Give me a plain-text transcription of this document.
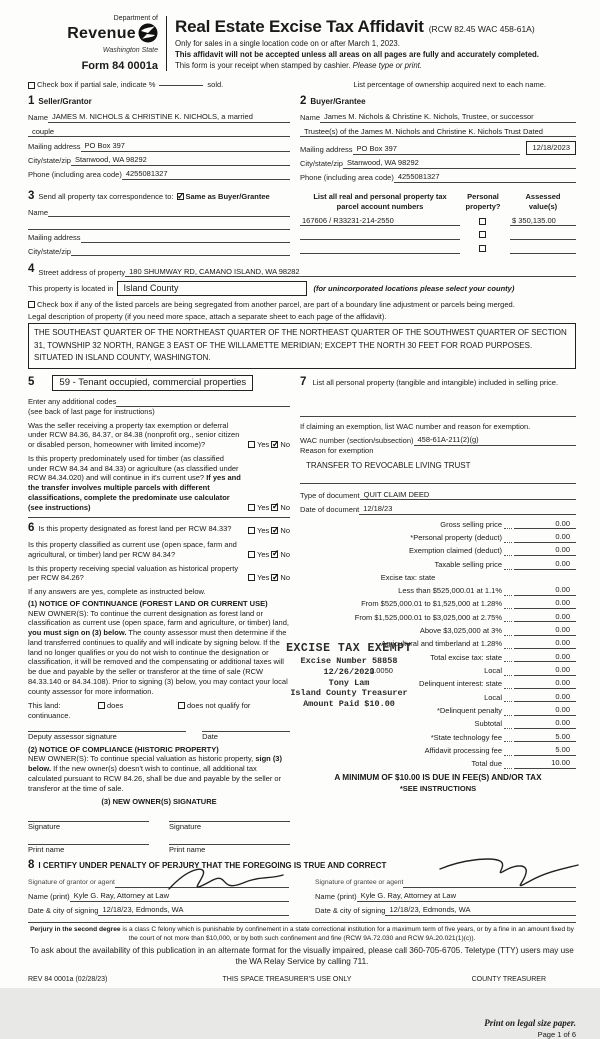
Department of
Revenue
Washington State
Form 84 0001a
Real Estate Excise Tax Affidavit (RCW 82.45 WAC 458-61A)
Only for sales in a single location code on or after March 1, 2023.
This affidavit will not be accepted unless all areas on all pages are fully and accurately completed.
This form is your receipt when stamped by cashier. Please type or print.
Check box if partial sale, indicate %	sold.	List percentage of ownership acquired next to each name.
1 Seller/Grantor
Name JAMES M. NICHOLS & CHRISTINE K. NICHOLS, a married
couple
Mailing address PO Box 397
City/state/zip Stanwood, WA 98292
Phone (including area code) 4255081327
2 Buyer/Grantee
Name James M. Nichols & Christine K. Nichols, Trustee, or successor
Trustee(s) of the James M. Nichols and Christine K. Nichols Trust Dated
Mailing address PO Box 397	12/18/2023
City/state/zip Stanwood, WA 98292
Phone (including area code) 4255081327
3 Send all property tax correspondence to: ✓ Same as Buyer/Grantee
Name
Mailing address
City/state/zip
List all real and personal property tax
parcel account numbers
Personal
property?
Assessed
value(s)
167606 / R33231-214-2550	$ 350,135.00
4 Street address of property 180 SHUMWAY RD, CAMANO ISLAND, WA 98282
This property is located in	Island County	(for unincorporated locations please select your county)
Check box if any of the listed parcels are being segregated from another parcel, are part of a boundary line adjustment or parcels being merged.
Legal description of property (if you need more space, attach a separate sheet to each page of the affidavit).
THE SOUTHEAST QUARTER OF THE NORTHEAST QUARTER OF THE NORTHEAST QUARTER OF THE SOUTHWEST QUARTER OF SECTION 31, TOWNSHIP 32 NORTH, RANGE 3 EAST OF THE WILLAMETTE MERIDIAN; EXCEPT THE NORTH 30 FEET FOR ROAD PURPOSES. SITUATED IN ISLAND COUNTY, WASHINGTON.
5	59 - Tenant occupied, commercial properties
Enter any additional codes
(see back of last page for instructions)
Was the seller receiving a property tax exemption or deferral under RCW 84.36, 84.37, or 84.38 (nonprofit org., senior citizen or disabled person, homeowner with limited income)?	Yes ✓ No
Is this property predominately used for timber (as classified under RCW 84.34 and 84.33) or agriculture (as classified under RCW 84.34.020) and will continue in it's current use? If yes and the transfer involves multiple parcels with different classifications, complete the predominate use calculator (see instructions)	Yes ✓ No
6 Is this property designated as forest land per RCW 84.33?	Yes ✓ No
Is this property classified as current use (open space, farm and agricultural, or timber) land per RCW 84.34?	Yes ✓ No
Is this property receiving special valuation as historical property per RCW 84.26?	Yes ✓ No
If any answers are yes, complete as instructed below.
(1) NOTICE OF CONTINUANCE (FOREST LAND OR CURRENT USE)
NEW OWNER(S): To continue the current designation as forest land or classification as current use (open space, farm and agriculture, or timber) land, you must sign on (3) below. The county assessor must then determine if the land transferred continues to qualify and will indicate by signing below. If the land no longer qualifies or you do not wish to continue the designation or classification, it will be removed and the compensating or additional taxes will be due and payable by the seller or transferor at the time of sale (RCW 84.33.140 or 84.34.108). Prior to signing (3) below, you may contact your local county assessor for more information.
This land:
continuance.
does	does not qualify for
Deputy assessor signature	Date
(2) NOTICE OF COMPLIANCE (HISTORIC PROPERTY)
NEW OWNER(S): To continue special valuation as historic property, sign (3) below. If the new owner(s) doesn't wish to continue, all additional tax calculated pursuant to RCW 84.26, shall be due and payable by the seller or transferor at the time of sale.
(3) NEW OWNER(S) SIGNATURE
Signature	Signature
Print name	Print name
7 List all personal property (tangible and intangible) included in selling price.
If claiming an exemption, list WAC number and reason for exemption.
WAC number (section/subsection) 458-61A-211(2)(g)
Reason for exemption
TRANSFER TO REVOCABLE LIVING TRUST
Type of document QUIT CLAIM DEED
Date of document 12/18/23
Gross selling price	0.00
*Personal property (deduct)	0.00
Exemption claimed (deduct)	0.00
Taxable selling price	0.00
Excise tax: state
Less than $525,000.01 at 1.1%	0.00
From $525,000.01 to $1,525,000 at 1.28%	0.00
From $1,525,000.01 to $3,025,000 at 2.75%	0.00
Above $3,025,000 at 3%	0.00
Agricultural and timberland at 1.28%	0.00
Total excise tax: state	0.00
0.0050	Local	0.00
Delinquent interest: state	0.00
Local	0.00
*Delinquent penalty	0.00
Subtotal	0.00
*State technology fee	5.00
Affidavit processing fee	5.00
Total due	10.00
A MINIMUM OF $10.00 IS DUE IN FEE(S) AND/OR TAX
*SEE INSTRUCTIONS
EXCISE TAX EXEMPT
Excise Number 58858
12/26/2023
Tony Lam
Island County Treasurer
Amount Paid $10.00
8 I CERTIFY UNDER PENALTY OF PERJURY THAT THE FOREGOING IS TRUE AND CORRECT
Signature of grantor or agent
Name (print) Kyle G. Ray, Attorney at Law
Date & city of signing 12/18/23, Edmonds, WA
Signature of grantee or agent
Name (print) Kyle G. Ray, Attorney at Law
Date & city of signing 12/18/23, Edmonds, WA
Perjury in the second degree is a class C felony which is punishable by confinement in a state correctional institution for a maximum term of five years, or by a fine in an amount fixed by the court of not more than $10,000, or by both such confinement and fine (RCW 9A.72.030 and RCW 9A.20.021(1)(c)).
To ask about the availability of this publication in an alternate format for the visually impaired, please call 360-705-6705. Teletype (TTY) users may use the WA Relay Service by calling 711.
REV 84 0001a (02/28/23)	THIS SPACE TREASURER'S USE ONLY	COUNTY TREASURER
Print on legal size paper.
Page 1 of 6
